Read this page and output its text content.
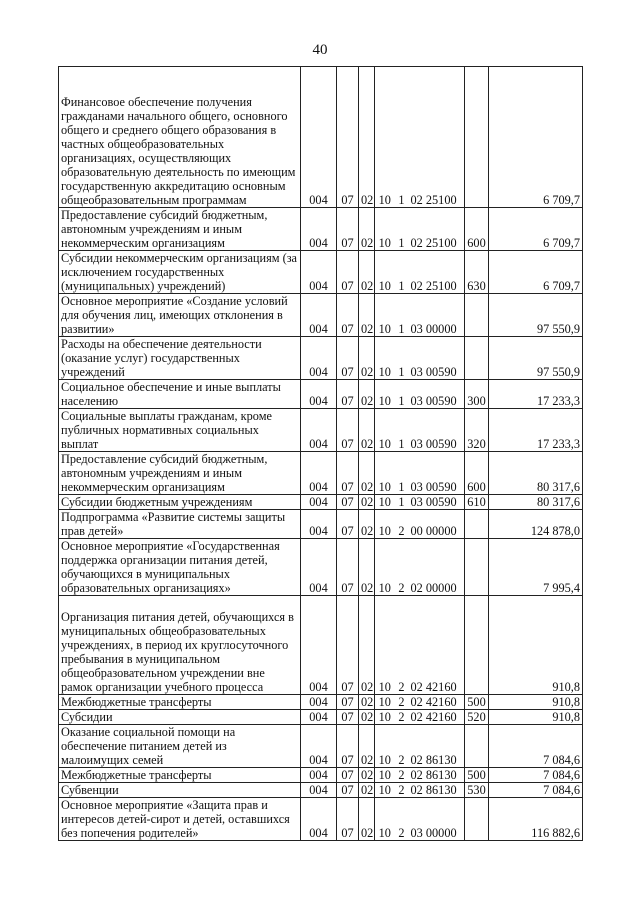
40
Финансовое обеспечение получения гражданами начального общего, основного общего и среднего общего образования в частных общеобразовательных организациях, осуществляющих образовательную деятельность по имеющим государственную аккредитацию основным общеобразовательным программам	004	07	02	10	1	02 25100		6 709,7
Предоставление субсидий бюджетным, автономным учреждениям и иным некоммерческим организациям	004	07	02	10	1	02 25100	600	6 709,7
Субсидии некоммерческим организациям (за исключением государственных (муниципальных) учреждений)	004	07	02	10	1	02 25100	630	6 709,7
Основное мероприятие «Создание условий для обучения лиц, имеющих отклонения в развитии»	004	07	02	10	1	03 00000		97 550,9
Расходы на обеспечение деятельности (оказание услуг) государственных учреждений	004	07	02	10	1	03 00590		97 550,9
Социальное обеспечение и иные выплаты населению	004	07	02	10	1	03 00590	300	17 233,3
Социальные выплаты гражданам, кроме публичных нормативных социальных выплат	004	07	02	10	1	03 00590	320	17 233,3
Предоставление субсидий бюджетным, автономным учреждениям и иным некоммерческим организациям	004	07	02	10	1	03 00590	600	80 317,6
Субсидии бюджетным учреждениям	004	07	02	10	1	03 00590	610	80 317,6
Подпрограмма «Развитие системы защиты прав детей»	004	07	02	10	2	00 00000		124 878,0
Основное мероприятие «Государственная поддержка организации питания детей, обучающихся в муниципальных образовательных организациях»	004	07	02	10	2	02 00000		7 995,4
Организация питания детей, обучающихся в муниципальных общеобразовательных учреждениях, в период их круглосуточного пребывания в муниципальном общеобразовательном учреждении вне рамок организации учебного процесса	004	07	02	10	2	02 42160		910,8
Межбюджетные трансферты	004	07	02	10	2	02 42160	500	910,8
Субсидии	004	07	02	10	2	02 42160	520	910,8
Оказание социальной помощи на обеспечение питанием детей из малоимущих семей	004	07	02	10	2	02 86130		7 084,6
Межбюджетные трансферты	004	07	02	10	2	02 86130	500	7 084,6
Субвенции	004	07	02	10	2	02 86130	530	7 084,6
Основное мероприятие «Защита прав и интересов детей-сирот и детей, оставшихся без попечения родителей»	004	07	02	10	2	03 00000		116 882,6
